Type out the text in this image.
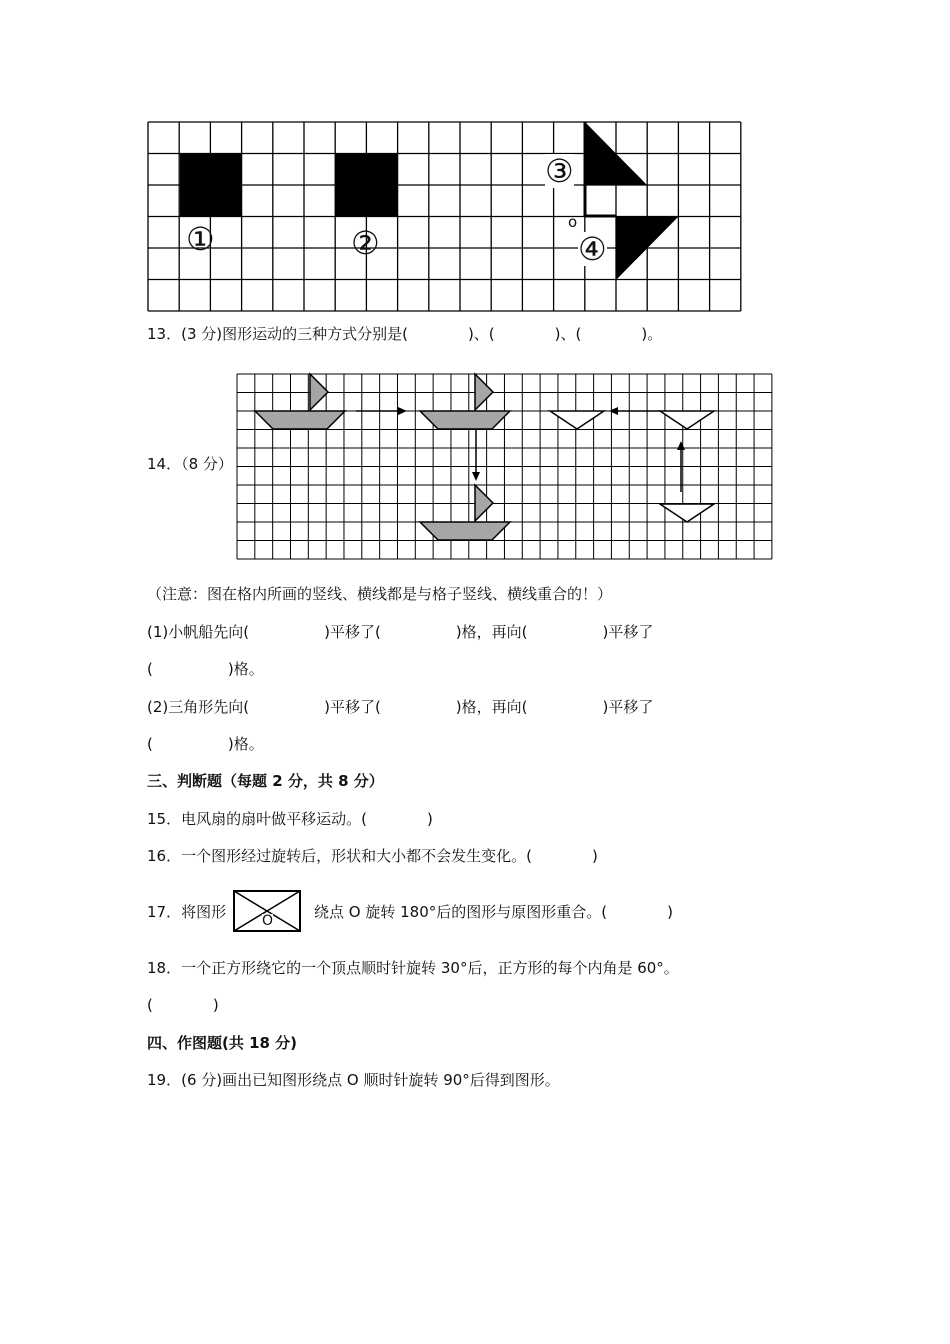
①	②
③
④
o
13．(3 分)图形运动的三种方式分别是(　　　　)、(　　　　)、(　　　　)。
14．（8 分）
（注意：图在格内所画的竖线、横线都是与格子竖线、横线重合的！）
(1)小帆船先向(　　　　　)平移了(　　　　　)格，再向(　　　　　)平移了
(　　　　　)格。
(2)三角形先向(　　　　　)平移了(　　　　　)格，再向(　　　　　)平移了
(　　　　　)格。
三、判断题（每题 2 分，共 8 分）
15．电风扇的扇叶做平移运动。(　　　　)
16．一个图形经过旋转后，形状和大小都不会发生变化。(　　　　)
17．将图形	O	绕点 O 旋转 180°后的图形与原图形重合。(　　　　)
18．一个正方形绕它的一个顶点顺时针旋转 30°后，正方形的每个内角是 60°。
(　　　　)
四、作图题(共 18 分)
19．(6 分)画出已知图形绕点 O 顺时针旋转 90°后得到图形。
